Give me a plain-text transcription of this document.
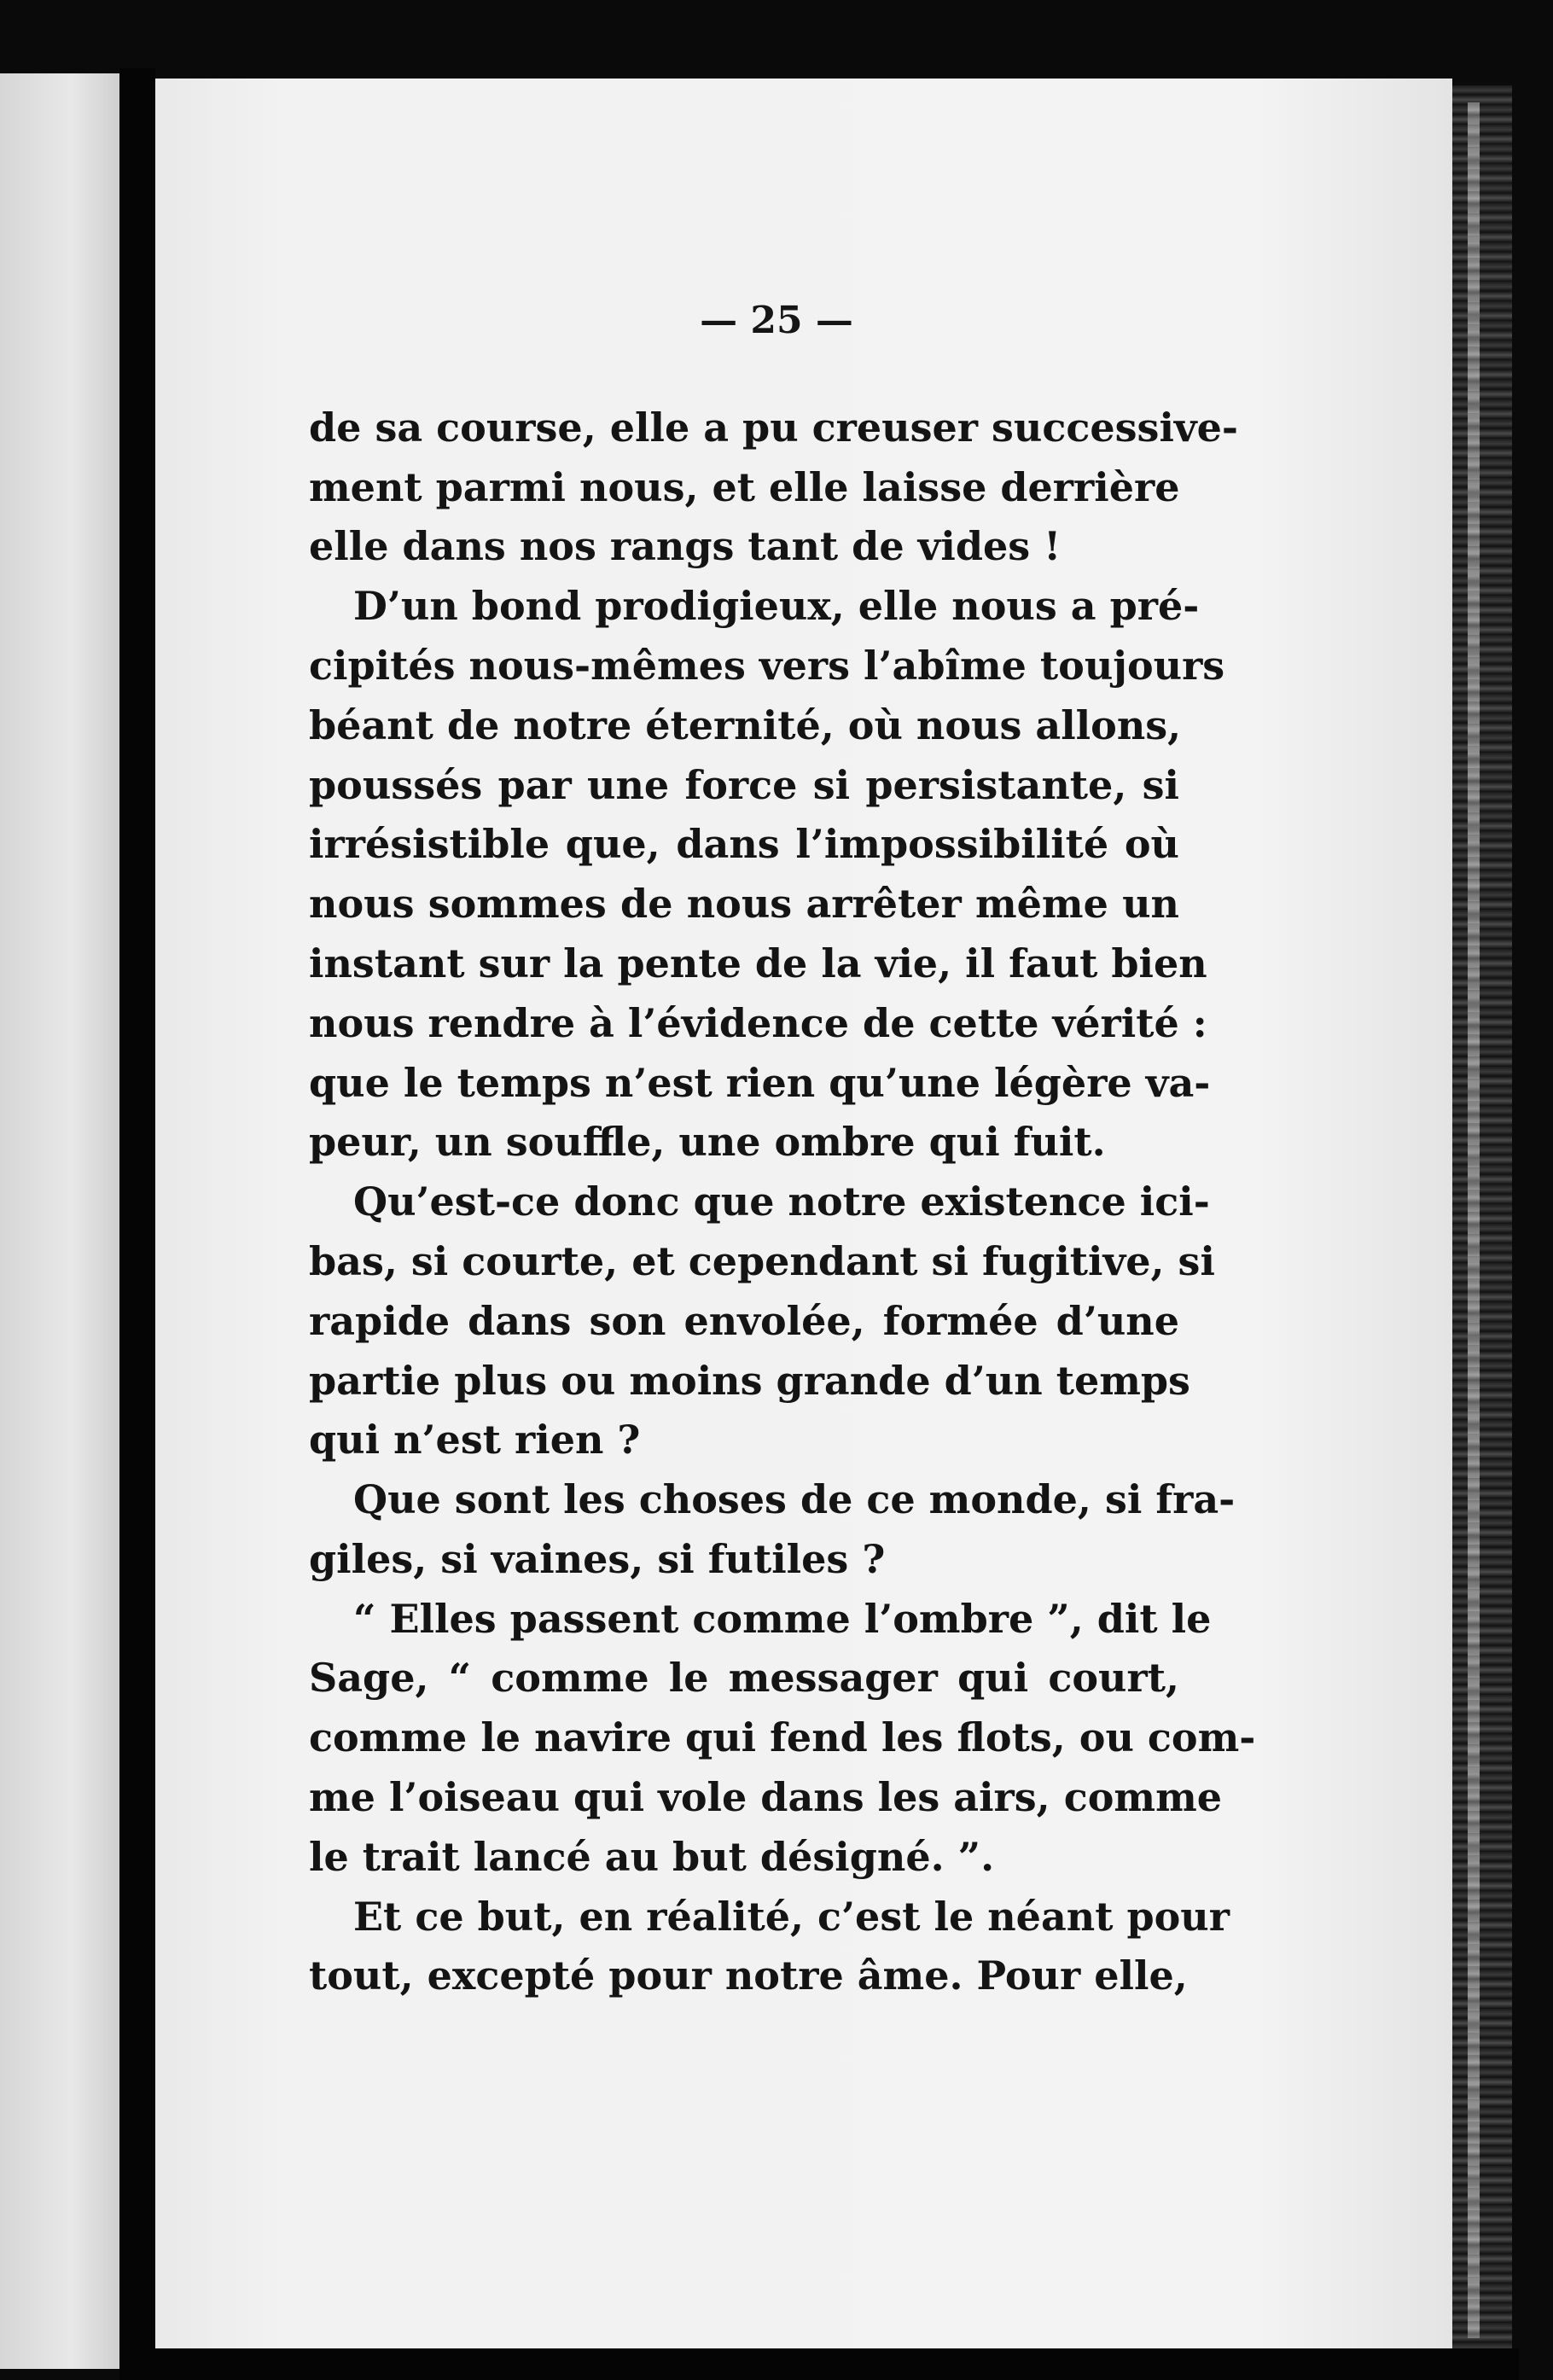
— 25 —
de sa course, elle a pu creuser successive-
ment parmi nous, et elle laisse derrière
elle dans nos rangs tant de vides !
D’un bond prodigieux, elle nous a pré-
cipités nous-mêmes vers l’abîme toujours
béant de notre éternité, où nous allons,
poussés par une force si persistante, si
irrésistible que, dans l’impossibilité où
nous sommes de nous arrêter même un
instant sur la pente de la vie, il faut bien
nous rendre à l’évidence de cette vérité :
que le temps n’est rien qu’une légère va-
peur, un souffle, une ombre qui fuit.
Qu’est-ce donc que notre existence ici-
bas, si courte, et cependant si fugitive, si
rapide dans son envolée, formée d’une
partie plus ou moins grande d’un temps
qui n’est rien ?
Que sont les choses de ce monde, si fra-
giles, si vaines, si futiles ?
“ Elles passent comme l’ombre ”, dit le
Sage, “ comme le messager qui court,
comme le navire qui fend les flots, ou com-
me l’oiseau qui vole dans les airs, comme
le trait lancé au but désigné. ”.
Et ce but, en réalité, c’est le néant pour
tout, excepté pour notre âme. Pour elle,
